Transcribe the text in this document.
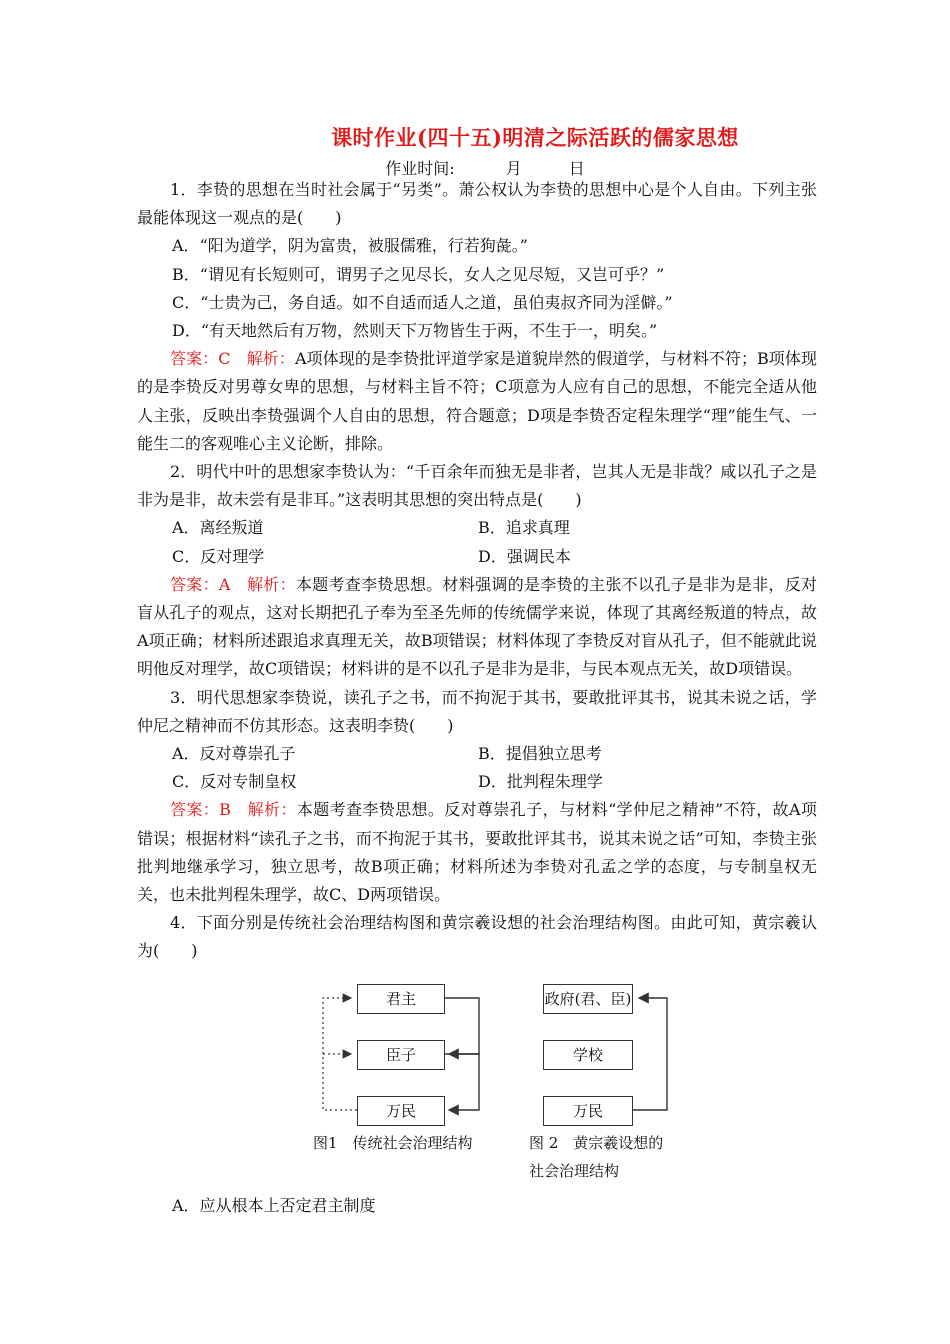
课时作业(四十五)明清之际活跃的儒家思想
作业时间:	月	日

1．李贽的思想在当时社会属于“另类”。萧公权认为李贽的思想中心是个人自由。下列主张最能体现这一观点的是(　　)

A．“阳为道学，阴为富贵，被服儒雅，行若狗彘。”

B．“谓见有长短则可，谓男子之见尽长，女人之见尽短，又岂可乎？”

C．“士贵为己，务自适。如不自适而适人之道，虽伯夷叔齐同为淫僻。”

D．“有天地然后有万物，然则天下万物皆生于两，不生于一，明矣。”

答案：C　解析：A项体现的是李贽批评道学家是道貌岸然的假道学，与材料不符；B项体现的是李贽反对男尊女卑的思想，与材料主旨不符；C项意为人应有自己的思想，不能完全适从他人主张，反映出李贽强调个人自由的思想，符合题意；D项是李贽否定程朱理学“理”能生气、一能生二的客观唯心主义论断，排除。

2．明代中叶的思想家李贽认为：“千百余年而独无是非者，岂其人无是非哉？咸以孔子之是非为是非，故未尝有是非耳。”这表明其思想的突出特点是(　　)

A．离经叛道	B．追求真理
C．反对理学	D．强调民本

答案：A　解析：本题考查李贽思想。材料强调的是李贽的主张不以孔子是非为是非，反对盲从孔子的观点，这对长期把孔子奉为至圣先师的传统儒学来说，体现了其离经叛道的特点，故A项正确；材料所述跟追求真理无关，故B项错误；材料体现了李贽反对盲从孔子，但不能就此说明他反对理学，故C项错误；材料讲的是不以孔子是非为是非，与民本观点无关，故D项错误。

3．明代思想家李贽说，读孔子之书，而不拘泥于其书，要敢批评其书，说其未说之话，学仲尼之精神而不仿其形态。这表明李贽(　　)

A．反对尊崇孔子	B．提倡独立思考
C．反对专制皇权	D．批判程朱理学

答案：B　解析：本题考查李贽思想。反对尊崇孔子，与材料“学仲尼之精神”不符，故A项错误；根据材料“读孔子之书，而不拘泥于其书，要敢批评其书，说其未说之话”可知，李贽主张批判地继承学习，独立思考，故B项正确；材料所述为李贽对孔孟之学的态度，与专制皇权无关，也未批判程朱理学，故C、D两项错误。

4．下面分别是传统社会治理结构图和黄宗羲设想的社会治理结构图。由此可知，黄宗羲认为(　　)

君主
臣子
万民
图1　传统社会治理结构
政府(君、臣)
学校
万民
图 2　黄宗羲设想的
社会治理结构

A．应从根本上否定君主制度
